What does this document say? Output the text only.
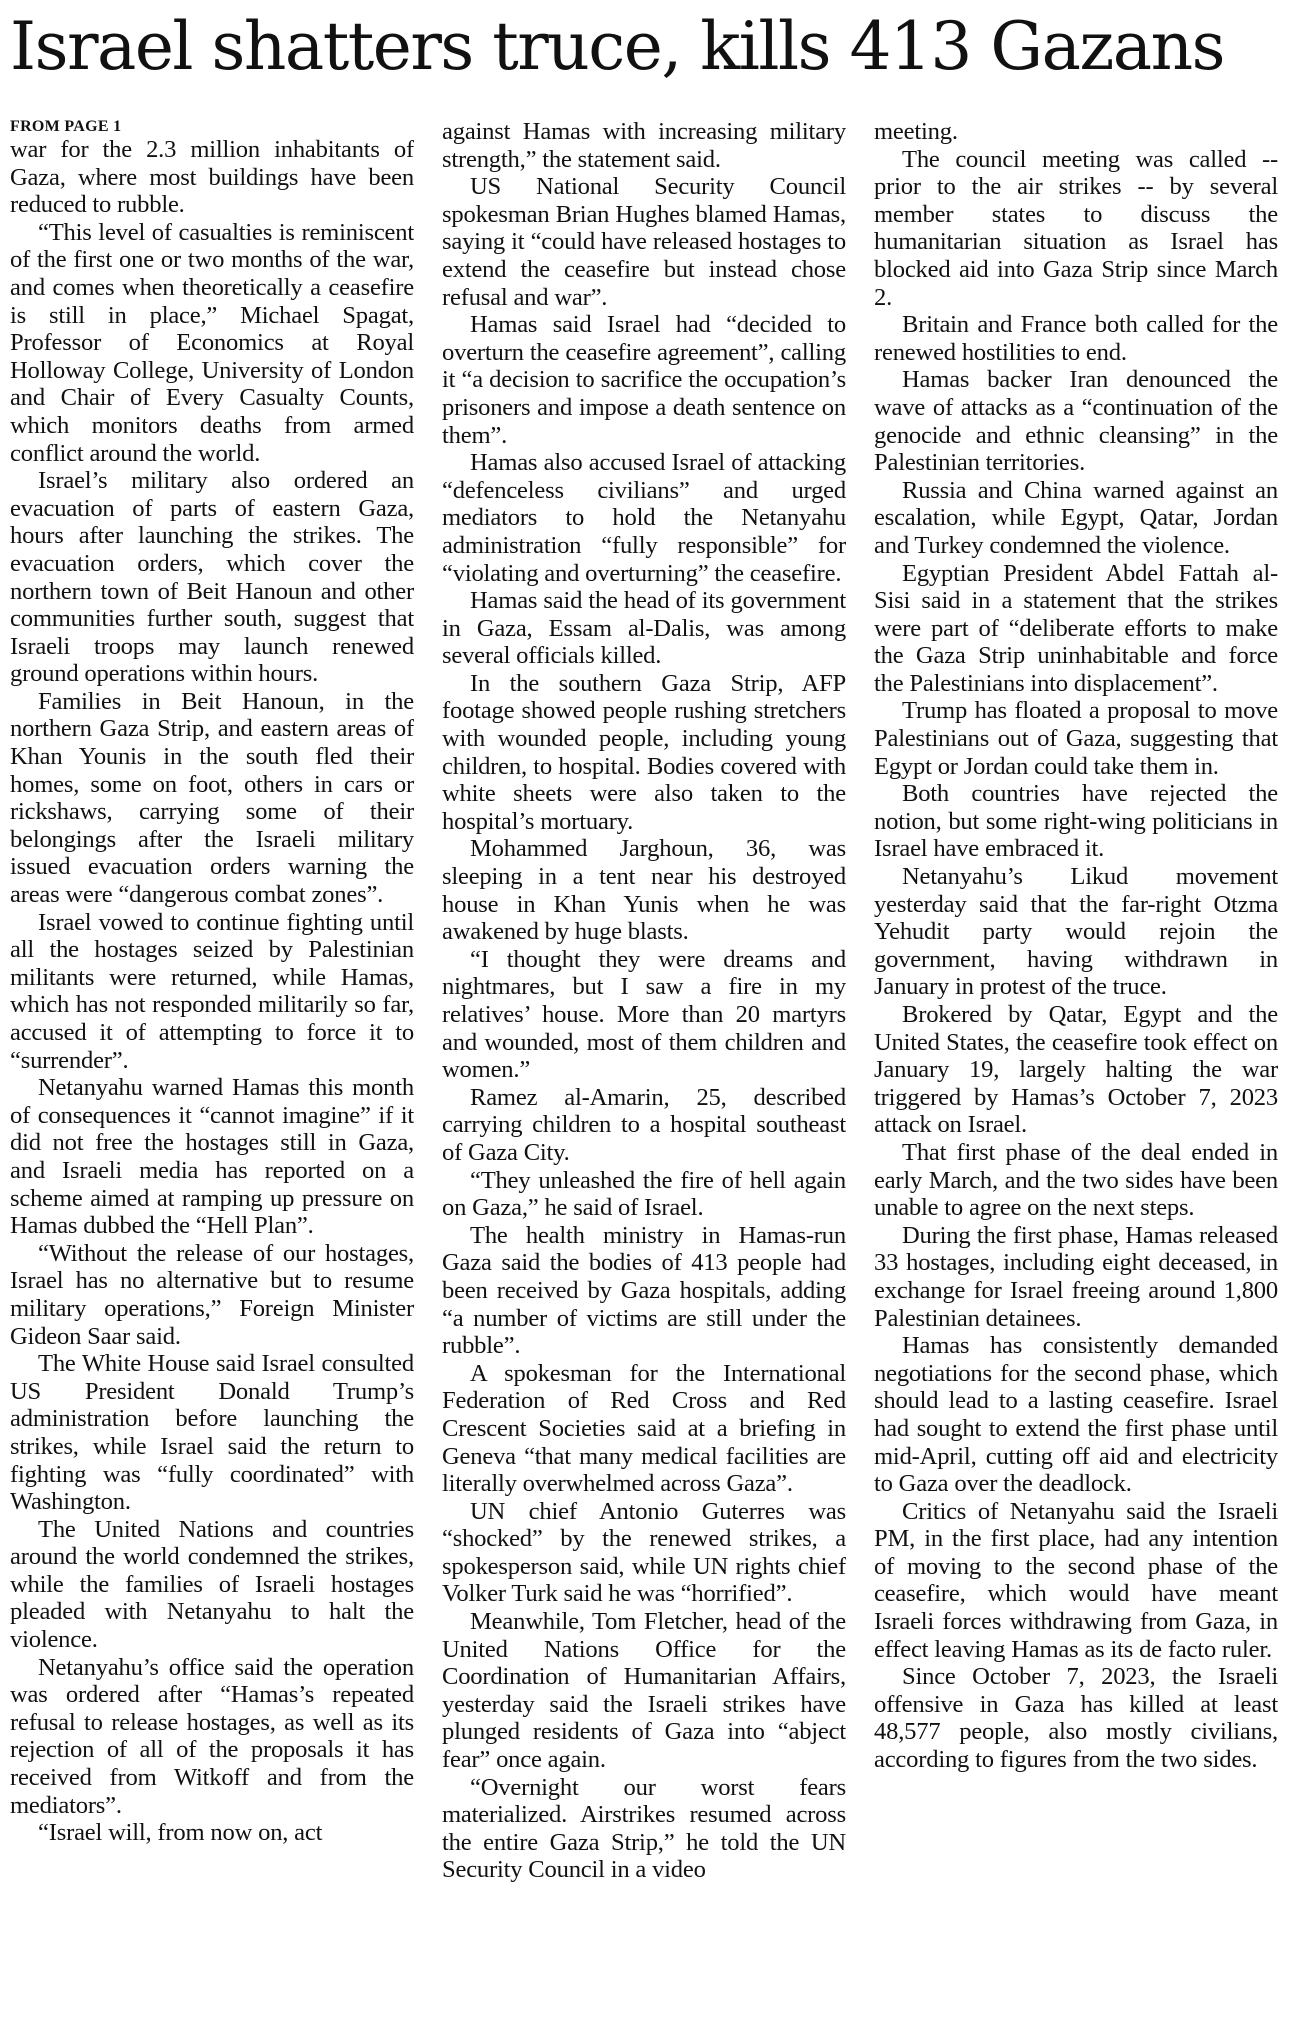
Israel shatters truce, kills 413 Gazans
FROM PAGE 1

war for the 2.3 million inhabitants of Gaza, where most buildings have been reduced to rubble.

“This level of casualties is reminiscent of the first one or two months of the war, and comes when theoretically a ceasefire is still in place,” Michael Spagat, Professor of Economics at Royal Holloway College, University of London and Chair of Every Casualty Counts, which monitors deaths from armed conflict around the world.

Israel’s military also ordered an evacuation of parts of eastern Gaza, hours after launching the strikes. The evacuation orders, which cover the northern town of Beit Hanoun and other communities further south, suggest that Israeli troops may launch renewed ground operations within hours.

Families in Beit Hanoun, in the northern Gaza Strip, and eastern areas of Khan Younis in the south fled their homes, some on foot, others in cars or rickshaws, carrying some of their belongings after the Israeli military issued evacuation orders warning the areas were “dangerous combat zones”.

Israel vowed to continue fighting until all the hostages seized by Palestinian militants were returned, while Hamas, which has not responded militarily so far, accused it of attempting to force it to “surrender”.

Netanyahu warned Hamas this month of consequences it “cannot imagine” if it did not free the hostages still in Gaza, and Israeli media has reported on a scheme aimed at ramping up pressure on Hamas dubbed the “Hell Plan”.

“Without the release of our hostages, Israel has no alternative but to resume military operations,” Foreign Minister Gideon Saar said.

The White House said Israel consulted US President Donald Trump’s administration before launching the strikes, while Israel said the return to fighting was “fully coordinated” with Washington.

The United Nations and countries around the world condemned the strikes, while the families of Israeli hostages pleaded with Netanyahu to halt the violence.

Netanyahu’s office said the operation was ordered after “Hamas’s repeated refusal to release hostages, as well as its rejection of all of the proposals it has received from Witkoff and from the mediators”.

“Israel will, from now on, act

against Hamas with increasing military strength,” the statement said.

US National Security Council spokesman Brian Hughes blamed Hamas, saying it “could have released hostages to extend the ceasefire but instead chose refusal and war”.

Hamas said Israel had “decided to overturn the ceasefire agreement”, calling it “a decision to sacrifice the occupation’s prisoners and impose a death sentence on them”.

Hamas also accused Israel of attacking “defenceless civilians” and urged mediators to hold the Netanyahu administration “fully responsible” for “violating and overturning” the ceasefire.

Hamas said the head of its government in Gaza, Essam al-Dalis, was among several officials killed.

In the southern Gaza Strip, AFP footage showed people rushing stretchers with wounded people, including young children, to hospital. Bodies covered with white sheets were also taken to the hospital’s mortuary.

Mohammed Jarghoun, 36, was sleeping in a tent near his destroyed house in Khan Yunis when he was awakened by huge blasts.

“I thought they were dreams and nightmares, but I saw a fire in my relatives’ house. More than 20 martyrs and wounded, most of them children and women.”

Ramez al-Amarin, 25, described carrying children to a hospital southeast of Gaza City.

“They unleashed the fire of hell again on Gaza,” he said of Israel.

The health ministry in Hamas-run Gaza said the bodies of 413 people had been received by Gaza hospitals, adding “a number of victims are still under the rubble”.

A spokesman for the International Federation of Red Cross and Red Crescent Societies said at a briefing in Geneva “that many medical facilities are literally overwhelmed across Gaza”.

UN chief Antonio Guterres was “shocked” by the renewed strikes, a spokesperson said, while UN rights chief Volker Turk said he was “horrified”.

Meanwhile, Tom Fletcher, head of the United Nations Office for the Coordination of Humanitarian Affairs, yesterday said the Israeli strikes have plunged residents of Gaza into “abject fear” once again.

“Overnight our worst fears materialized. Airstrikes resumed across the entire Gaza Strip,” he told the UN Security Council in a video

meeting.

The council meeting was called -- prior to the air strikes -- by several member states to discuss the humanitarian situation as Israel has blocked aid into Gaza Strip since March 2.

Britain and France both called for the renewed hostilities to end.

Hamas backer Iran denounced the wave of attacks as a “continuation of the genocide and ethnic cleansing” in the Palestinian territories.

Russia and China warned against an escalation, while Egypt, Qatar, Jordan and Turkey condemned the violence.

Egyptian President Abdel Fattah al-Sisi said in a statement that the strikes were part of “deliberate efforts to make the Gaza Strip uninhabitable and force the Palestinians into displacement”.

Trump has floated a proposal to move Palestinians out of Gaza, suggesting that Egypt or Jordan could take them in.

Both countries have rejected the notion, but some right-wing politicians in Israel have embraced it.

Netanyahu’s Likud movement yesterday said that the far-right Otzma Yehudit party would rejoin the government, having withdrawn in January in protest of the truce.

Brokered by Qatar, Egypt and the United States, the ceasefire took effect on January 19, largely halting the war triggered by Hamas’s October 7, 2023 attack on Israel.

That first phase of the deal ended in early March, and the two sides have been unable to agree on the next steps.

During the first phase, Hamas released 33 hostages, including eight deceased, in exchange for Israel freeing around 1,800 Palestinian detainees.

Hamas has consistently demanded negotiations for the second phase, which should lead to a lasting ceasefire. Israel had sought to extend the first phase until mid-April, cutting off aid and electricity to Gaza over the deadlock.

Critics of Netanyahu said the Israeli PM, in the first place, had any intention of moving to the second phase of the ceasefire, which would have meant Israeli forces withdrawing from Gaza, in effect leaving Hamas as its de facto ruler.

Since October 7, 2023, the Israeli offensive in Gaza has killed at least 48,577 people, also mostly civilians, according to figures from the two sides.
